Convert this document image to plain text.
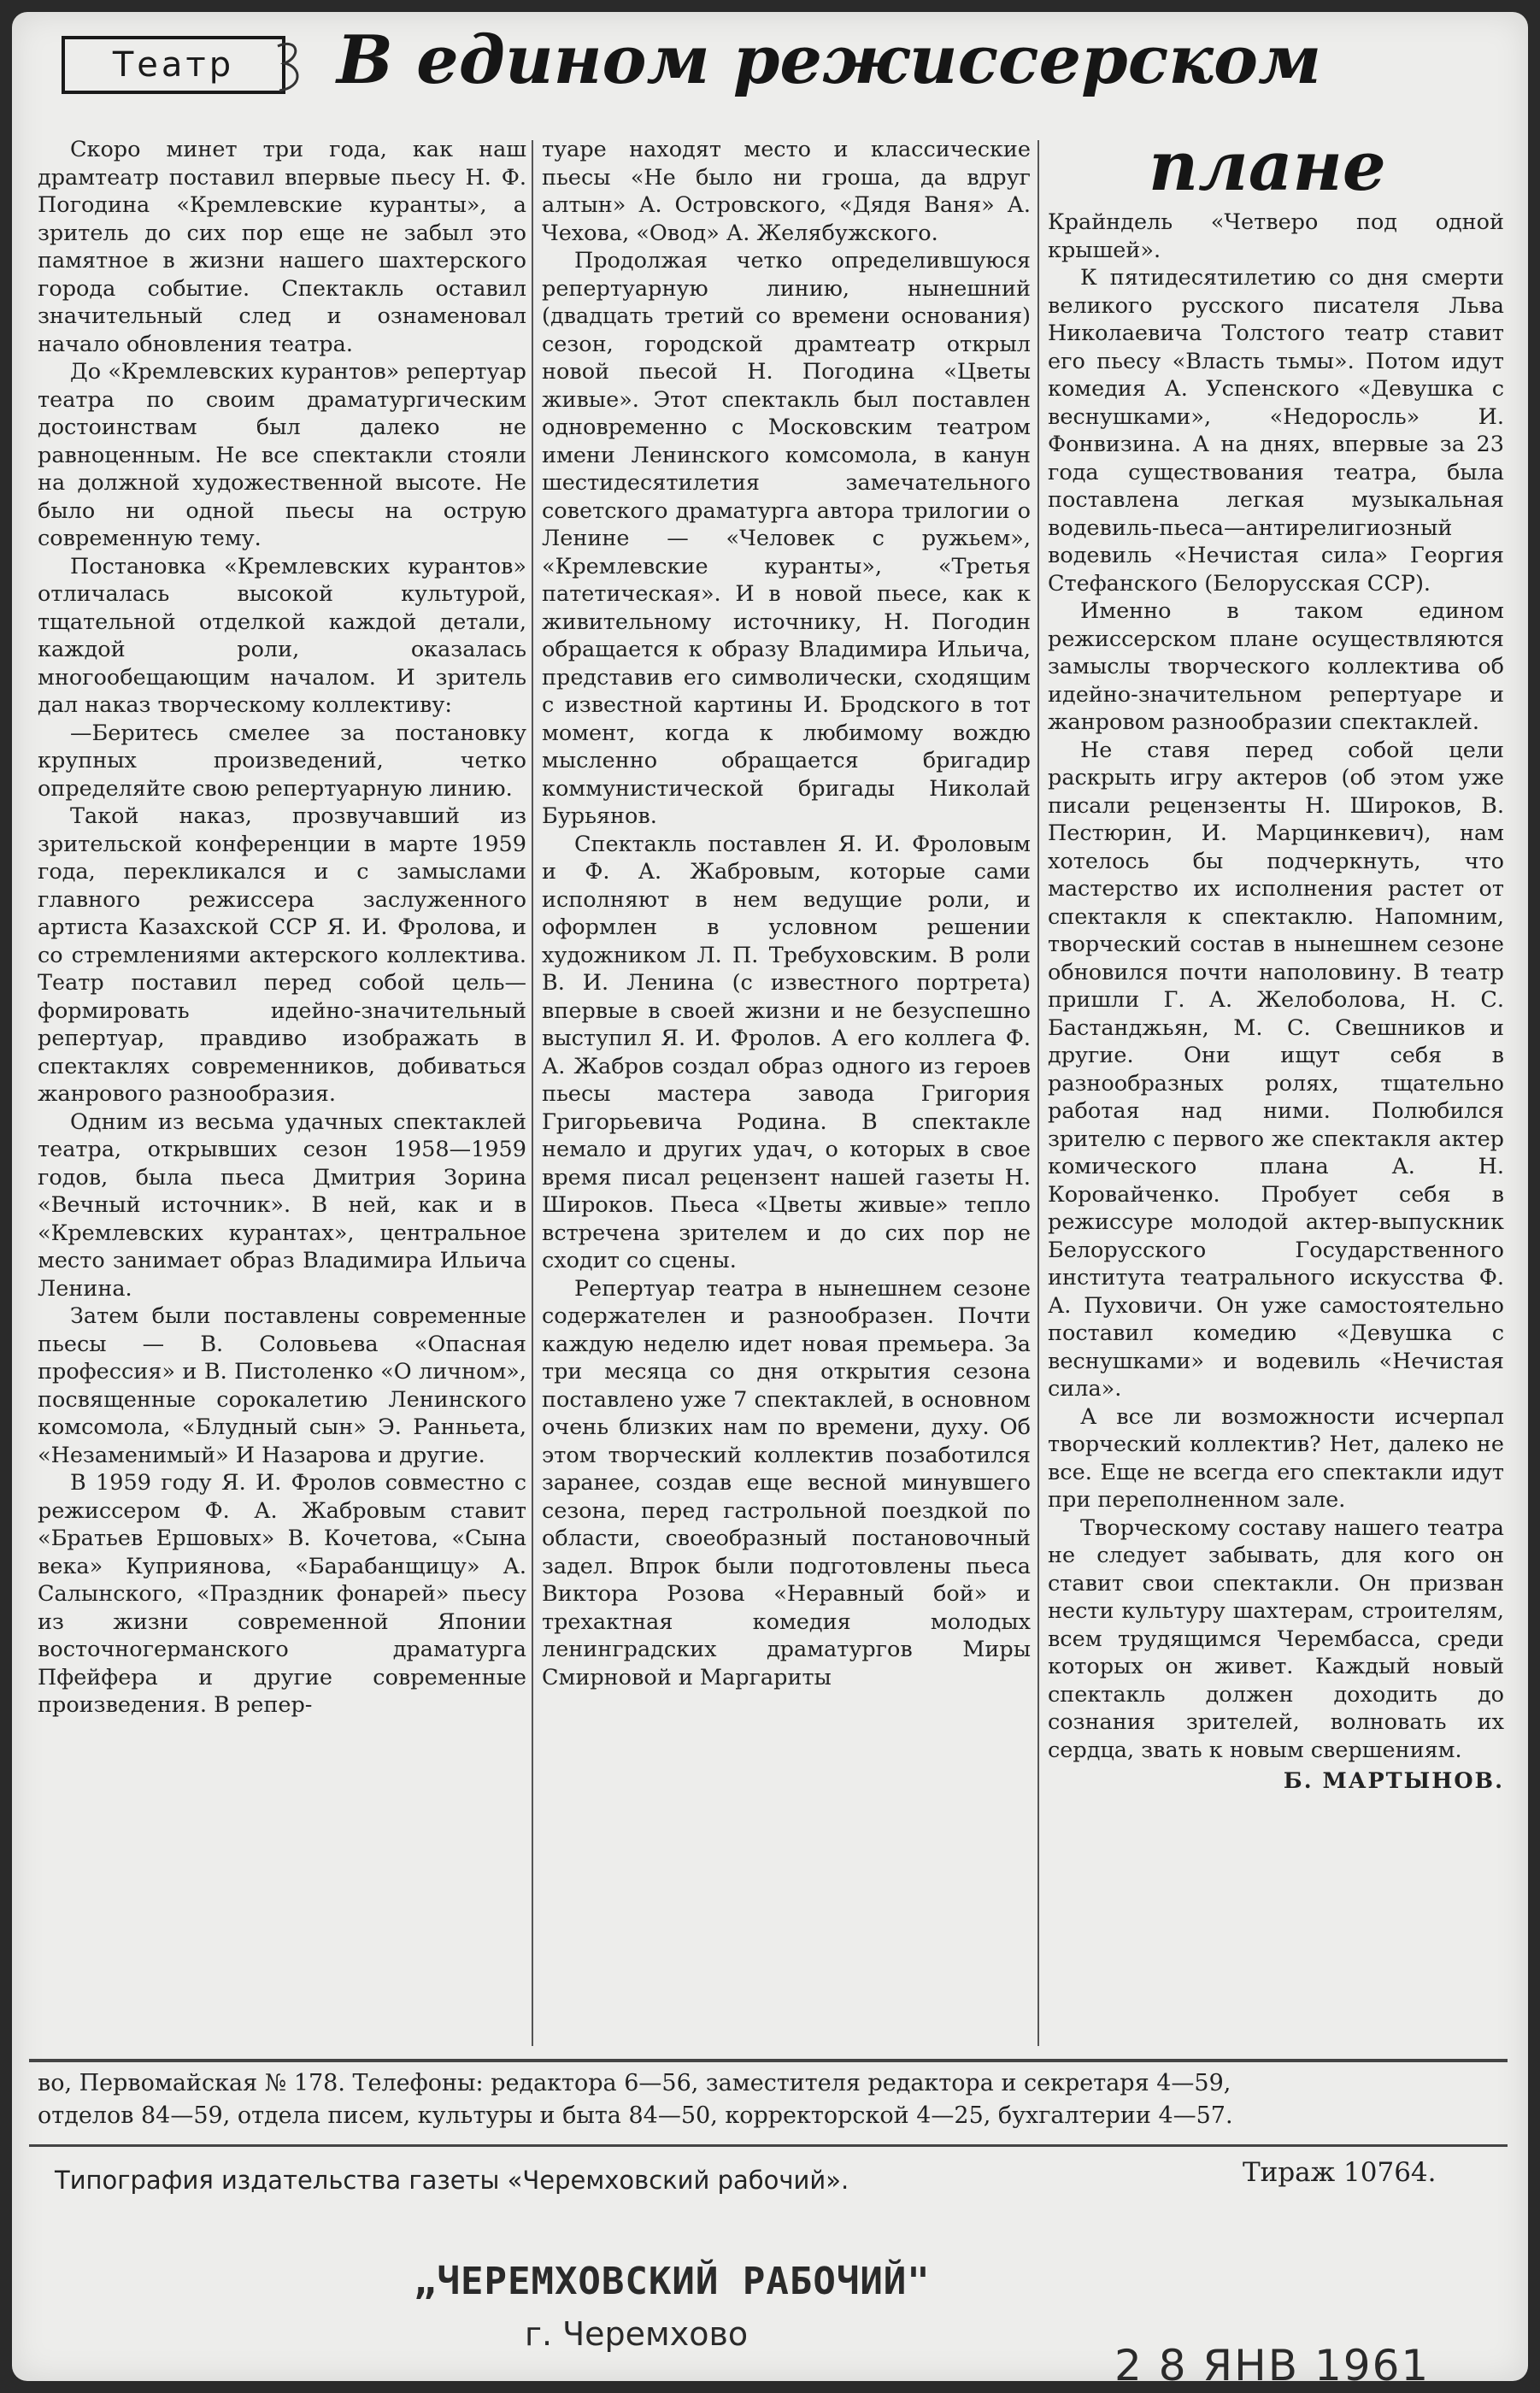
Театр	В едином режиссерском
плане

Скоро минет три года, как наш драмтеатр поставил впервые пьесу Н. Ф. Погодина «Кремлевские куранты», а зритель до сих пор еще не забыл это памятное в жизни нашего шахтерского города событие. Спектакль оставил значительный след и ознаменовал начало обновления театра.

До «Кремлевских курантов» репертуар театра по своим драматургическим достоинствам был далеко не равноценным. Не все спектакли стояли на должной художественной высоте. Не было ни одной пьесы на острую современную тему.

Постановка «Кремлевских курантов» отличалась высокой культурой, тщательной отделкой каждой детали, каждой роли, оказалась многообещающим началом. И зритель дал наказ творческому коллективу:

—Беритесь смелее за постановку крупных произведений, четко определяйте свою репертуарную линию.

Такой наказ, прозвучавший из зрительской конференции в марте 1959 года, перекликался и с замыслами главного режиссера заслуженного артиста Казахской ССР Я. И. Фролова, и со стремлениями актерского коллектива. Театр поставил перед собой цель—формировать идейно-значительный репертуар, правдиво изображать в спектаклях современников, добиваться жанрового разнообразия.

Одним из весьма удачных спектаклей театра, открывших сезон 1958—1959 годов, была пьеса Дмитрия Зорина «Вечный источник». В ней, как и в «Кремлевских курантах», центральное место занимает образ Владимира Ильича Ленина.

Затем были поставлены современные пьесы — В. Соловьева «Опасная профессия» и В. Пистоленко «О личном», посвященные сорокалетию Ленинского комсомола, «Блудный сын» Э. Ранньета, «Незаменимый» И Назарова и другие.

В 1959 году Я. И. Фролов совместно с режиссером Ф. А. Жабровым ставит «Братьев Ершовых» В. Кочетова, «Сына века» Куприянова, «Барабанщицу» А. Салынского, «Праздник фонарей» пьесу из жизни современной Японии восточногерманского драматурга Пфейфера и другие современные произведения. В репер-

туаре находят место и классические пьесы «Не было ни гроша, да вдруг алтын» А. Островского, «Дядя Ваня» А. Чехова, «Овод» А. Желябужского.

Продолжая четко определившуюся репертуарную линию, нынешний (двадцать третий со времени основания) сезон, городской драмтеатр открыл новой пьесой Н. Погодина «Цветы живые». Этот спектакль был поставлен одновременно с Московским театром имени Ленинского комсомола, в канун шестидесятилетия замечательного советского драматурга автора трилогии о Ленине — «Человек с ружьем», «Кремлевские куранты», «Третья патетическая». И в новой пьесе, как к живительному источнику, Н. Погодин обращается к образу Владимира Ильича, представив его символически, сходящим с известной картины И. Бродского в тот момент, когда к любимому вождю мысленно обращается бригадир коммунистической бригады Николай Бурьянов.

Спектакль поставлен Я. И. Фроловым и Ф. А. Жабровым, которые сами исполняют в нем ведущие роли, и оформлен в условном решении художником Л. П. Требуховским. В роли В. И. Ленина (с известного портрета) впервые в своей жизни и не безуспешно выступил Я. И. Фролов. А его коллега Ф. А. Жабров создал образ одного из героев пьесы мастера завода Григория Григорьевича Родина. В спектакле немало и других удач, о которых в свое время писал рецензент нашей газеты Н. Широков. Пьеса «Цветы живые» тепло встречена зрителем и до сих пор не сходит со сцены.

Репертуар театра в нынешнем сезоне содержателен и разнообразен. Почти каждую неделю идет новая премьера. За три месяца со дня открытия сезона поставлено уже 7 спектаклей, в основном очень близких нам по времени, духу. Об этом творческий коллектив позаботился заранее, создав еще весной минувшего сезона, перед гастрольной поездкой по области, своеобразный постановочный задел. Впрок были подготовлены пьеса Виктора Розова «Неравный бой» и трехактная комедия молодых ленинградских драматургов Миры Смирновой и Маргариты

Крайндель «Четверо под одной крышей».

К пятидесятилетию со дня смерти великого русского писателя Льва Николаевича Толстого театр ставит его пьесу «Власть тьмы». Потом идут комедия А. Успенского «Девушка с веснушками», «Недоросль» И. Фонвизина. А на днях, впервые за 23 года существования театра, была поставлена легкая музыкальная водевиль-пьеса—антирелигиозный водевиль «Нечистая сила» Георгия Стефанского (Белорусская ССР).

Именно в таком едином режиссерском плане осуществляются замыслы творческого коллектива об идейно-значительном репертуаре и жанровом разнообразии спектаклей.

Не ставя перед собой цели раскрыть игру актеров (об этом уже писали рецензенты Н. Широков, В. Пестюрин, И. Марцинкевич), нам хотелось бы подчеркнуть, что мастерство их исполнения растет от спектакля к спектаклю. Напомним, творческий состав в нынешнем сезоне обновился почти наполовину. В театр пришли Г. А. Желоболова, Н. С. Бастанджьян, М. С. Свешников и другие. Они ищут себя в разнообразных ролях, тщательно работая над ними. Полюбился зрителю с первого же спектакля актер комического плана А. Н. Коровайченко. Пробует себя в режиссуре молодой актер-выпускник Белорусского Государственного института театрального искусства Ф. А. Пуховичи. Он уже самостоятельно поставил комедию «Девушка с веснушками» и водевиль «Нечистая сила».

А все ли возможности исчерпал творческий коллектив? Нет, далеко не все. Еще не всегда его спектакли идут при переполненном зале.

Творческому составу нашего театра не следует забывать, для кого он ставит свои спектакли. Он призван нести культуру шахтерам, строителям, всем трудящимся Черембасса, среди которых он живет. Каждый новый спектакль должен доходить до сознания зрителей, волновать их сердца, звать к новым свершениям.

Б. МАРТЫНОВ.
во, Первомайская № 178. Телефоны: редактора 6—56, заместителя редактора и секретаря 4—59,
отделов 84—59, отдела писем, культуры и быта 84—50, корректорской 4—25, бухгалтерии 4—57.
Типография издательства газеты «Черемховский рабочий».	Тираж 10764.
„ЧЕРЕМХОВСКИЙ РАБОЧИЙ"
г. Черемхово
2 8 ЯНВ 1961
